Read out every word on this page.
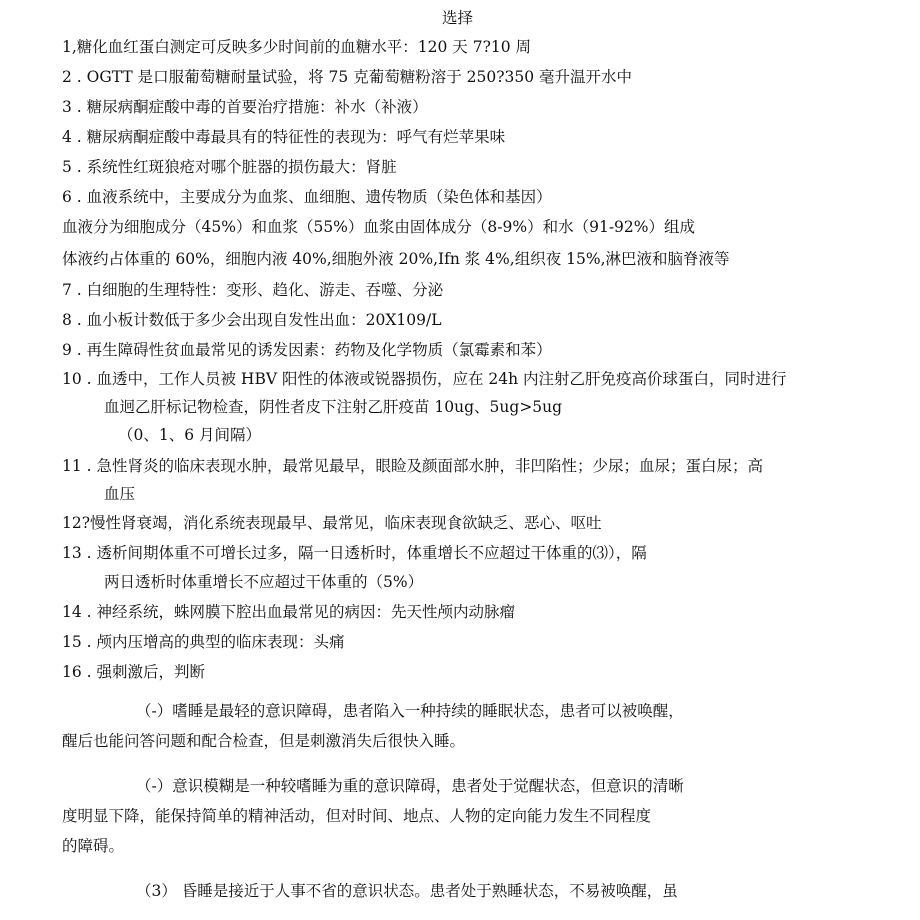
选择
1,糖化血红蛋白测定可反映多少时间前的血糖水平：120 天 7?10 周
2 . OGTT 是口服葡萄糖耐量试验，将 75 克葡萄糖粉溶于 250?350 毫升温开水中
3 . 糖尿病酮症酸中毒的首要治疗措施：补水（补液）
4 . 糖尿病酮症酸中毒最具有的特征性的表现为：呼气有烂苹果味
5 . 系统性红斑狼疮对哪个脏器的损伤最大：肾脏
6 . 血液系统中，主要成分为血浆、血细胞、遗传物质（染色体和基因）
血液分为细胞成分（45%）和血浆（55%）血浆由固体成分（8-9%）和水（91-92%）组成
体液约占体重的 60%，细胞内液 40%,细胞外液 20%,Ifn 浆 4%,组织夜 15%,淋巴液和脑脊液等
7 . 白细胞的生理特性：变形、趋化、游走、吞噬、分泌
8 . 血小板计数低于多少会出现自发性出血：20X109/L
9 . 再生障碍性贫血最常见的诱发因素：药物及化学物质（氯霉素和苯）
10 . 血透中，工作人员被 HBV 阳性的体液或锐器损伤，应在 24h 内注射乙肝免疫高价球蛋白，同时进行
血迥乙肝标记物检查，阴性者皮下注射乙肝疫苗 10ug、5ug>5ug
（0、1、6 月间隔）
11 . 急性肾炎的临床表现水肿，最常见最早，眼睑及颜面部水肿，非凹陷性；少尿；血尿；蛋白尿；高
血压
12?慢性肾衰竭，消化系统表现最早、最常见，临床表现食欲缺乏、恶心、呕吐
13 . 透析间期体重不可增长过多，隔一日透析时，体重增长不应超过干体重的⑶），隔
两日透析时体重增长不应超过干体重的（5%）
14 . 神经系统，蛛网膜下腔出血最常见的病因：先天性颅内动脉瘤
15 . 颅内压增高的典型的临床表现：头痛
16 . 强刺激后，判断
（-）嗜睡是最轻的意识障碍，患者陷入一种持续的睡眠状态，患者可以被唤醒，
醒后也能问答问题和配合检查，但是刺激消失后很快入睡。
（-）意识模糊是一种较嗜睡为重的意识障碍，患者处于觉醒状态，但意识的清晰
度明显下降，能保持简单的精神活动，但对时间、地点、人物的定向能力发生不同程度
的障碍。
（3） 昏睡是接近于人事不省的意识状态。患者处于熟睡状态，不易被唤醒，虽
